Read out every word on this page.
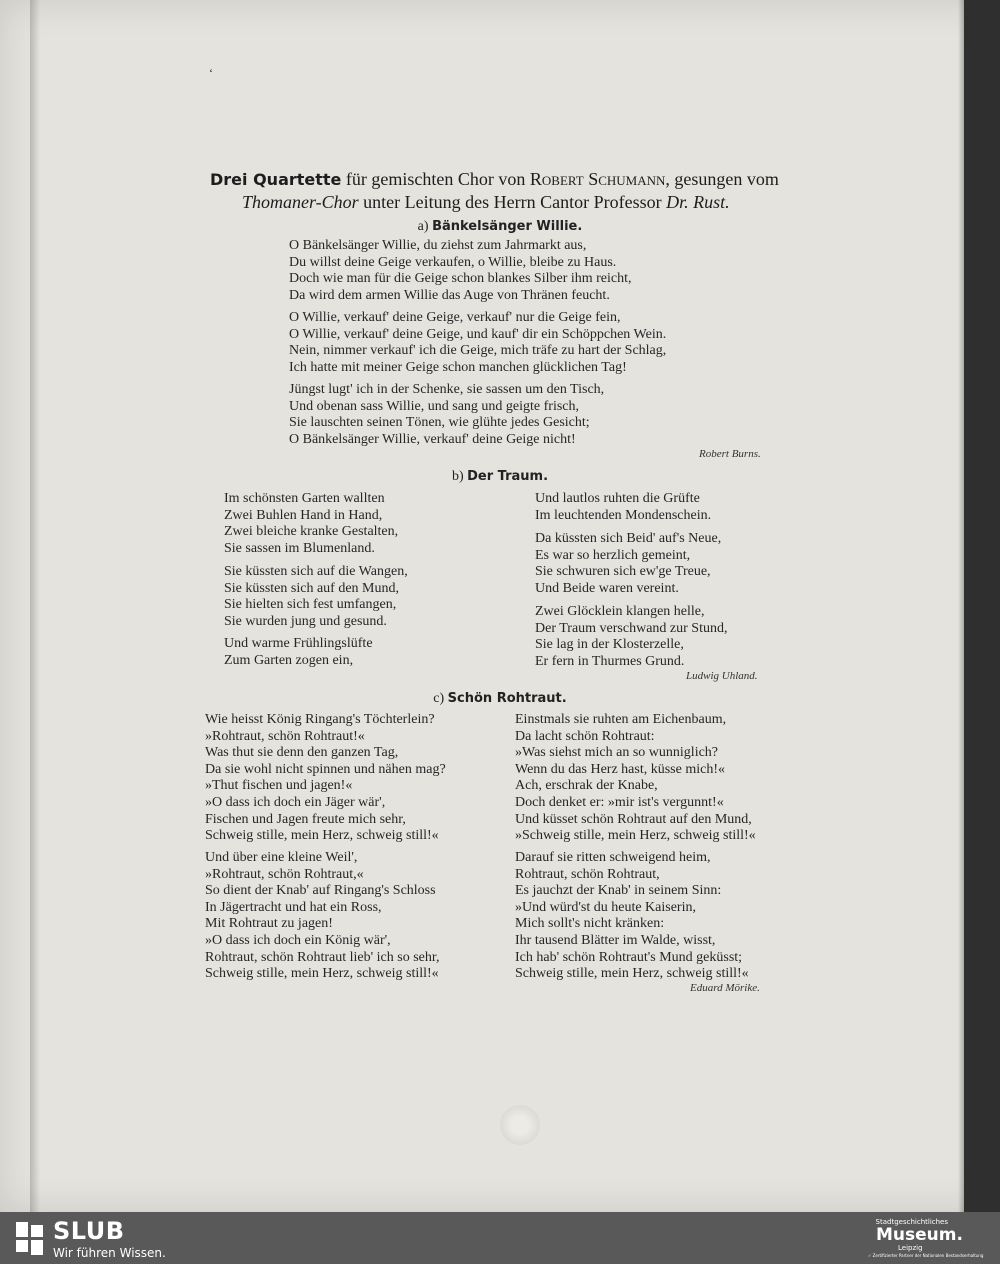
‘
Drei Quartette für gemischten Chor von Robert Schumann, gesungen vom
Thomaner-Chor unter Leitung des Herrn Cantor Professor Dr. Rust.
a) Bänkelsänger Willie.
O Bänkelsänger Willie, du ziehst zum Jahrmarkt aus,
Du willst deine Geige verkaufen, o Willie, bleibe zu Haus.
Doch wie man für die Geige schon blankes Silber ihm reicht,
Da wird dem armen Willie das Auge von Thränen feucht.
O Willie, verkauf' deine Geige, verkauf' nur die Geige fein,
O Willie, verkauf' deine Geige, und kauf' dir ein Schöppchen Wein.
Nein, nimmer verkauf' ich die Geige, mich träfe zu hart der Schlag,
Ich hatte mit meiner Geige schon manchen glücklichen Tag!
Jüngst lugt' ich in der Schenke, sie sassen um den Tisch,
Und obenan sass Willie, und sang und geigte frisch,
Sie lauschten seinen Tönen, wie glühte jedes Gesicht;
O Bänkelsänger Willie, verkauf' deine Geige nicht!
Robert Burns.
b) Der Traum.
Im schönsten Garten wallten
Zwei Buhlen Hand in Hand,
Zwei bleiche kranke Gestalten,
Sie sassen im Blumenland.
Sie küssten sich auf die Wangen,
Sie küssten sich auf den Mund,
Sie hielten sich fest umfangen,
Sie wurden jung und gesund.
Und warme Frühlingslüfte
Zum Garten zogen ein,
Und lautlos ruhten die Grüfte
Im leuchtenden Mondenschein.
Da küssten sich Beid' auf's Neue,
Es war so herzlich gemeint,
Sie schwuren sich ew'ge Treue,
Und Beide waren vereint.
Zwei Glöcklein klangen helle,
Der Traum verschwand zur Stund,
Sie lag in der Klosterzelle,
Er fern in Thurmes Grund.
Ludwig Uhland.
c) Schön Rohtraut.
Wie heisst König Ringang's Töchterlein?
»Rohtraut, schön Rohtraut!«
Was thut sie denn den ganzen Tag,
Da sie wohl nicht spinnen und nähen mag?
»Thut fischen und jagen!«
»O dass ich doch ein Jäger wär',
Fischen und Jagen freute mich sehr,
Schweig stille, mein Herz, schweig still!«
Und über eine kleine Weil',
»Rohtraut, schön Rohtraut,«
So dient der Knab' auf Ringang's Schloss
In Jägertracht und hat ein Ross,
Mit Rohtraut zu jagen!
»O dass ich doch ein König wär',
Rohtraut, schön Rohtraut lieb' ich so sehr,
Schweig stille, mein Herz, schweig still!«
Einstmals sie ruhten am Eichenbaum,
Da lacht schön Rohtraut:
»Was siehst mich an so wunniglich?
Wenn du das Herz hast, küsse mich!«
Ach, erschrak der Knabe,
Doch denket er: »mir ist's vergunnt!«
Und küsset schön Rohtraut auf den Mund,
»Schweig stille, mein Herz, schweig still!«
Darauf sie ritten schweigend heim,
Rohtraut, schön Rohtraut,
Es jauchzt der Knab' in seinem Sinn:
»Und würd'st du heute Kaiserin,
Mich sollt's nicht kränken:
Ihr tausend Blätter im Walde, wisst,
Ich hab' schön Rohtraut's Mund geküsst;
Schweig stille, mein Herz, schweig still!«
Eduard Mörike.
SLUB
Wir führen Wissen.
Stadtgeschichtliches
Museum.
Leipzig
✓ Zertifizierter Partner der Nationalen Bestandserhaltung
